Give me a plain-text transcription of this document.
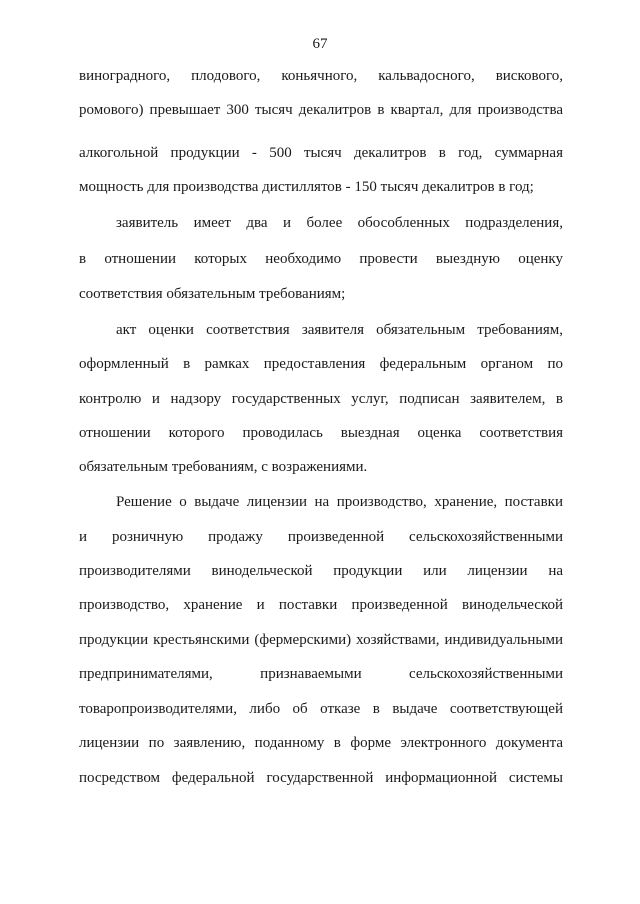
67
виноградного, плодового, коньячного, кальвадосного, вискового,
ромового) превышает 300 тысяч декалитров в квартал, для производства
алкогольной продукции - 500 тысяч декалитров в год, суммарная
мощность для производства дистиллятов - 150 тысяч декалитров в год;
заявитель имеет два и более обособленных подразделения,
в отношении которых необходимо провести выездную оценку
соответствия обязательным требованиям;
акт оценки соответствия заявителя обязательным требованиям,
оформленный в рамках предоставления федеральным органом по
контролю и надзору государственных услуг, подписан заявителем, в
отношении которого проводилась выездная оценка соответствия
обязательным требованиям, с возражениями.
Решение о выдаче лицензии на производство, хранение, поставки
и розничную продажу произведенной сельскохозяйственными
производителями винодельческой продукции или лицензии на
производство, хранение и поставки произведенной винодельческой
продукции крестьянскими (фермерскими) хозяйствами, индивидуальными
предпринимателями, признаваемыми сельскохозяйственными
товаропроизводителями, либо об отказе в выдаче соответствующей
лицензии по заявлению, поданному в форме электронного документа
посредством федеральной государственной информационной системы
